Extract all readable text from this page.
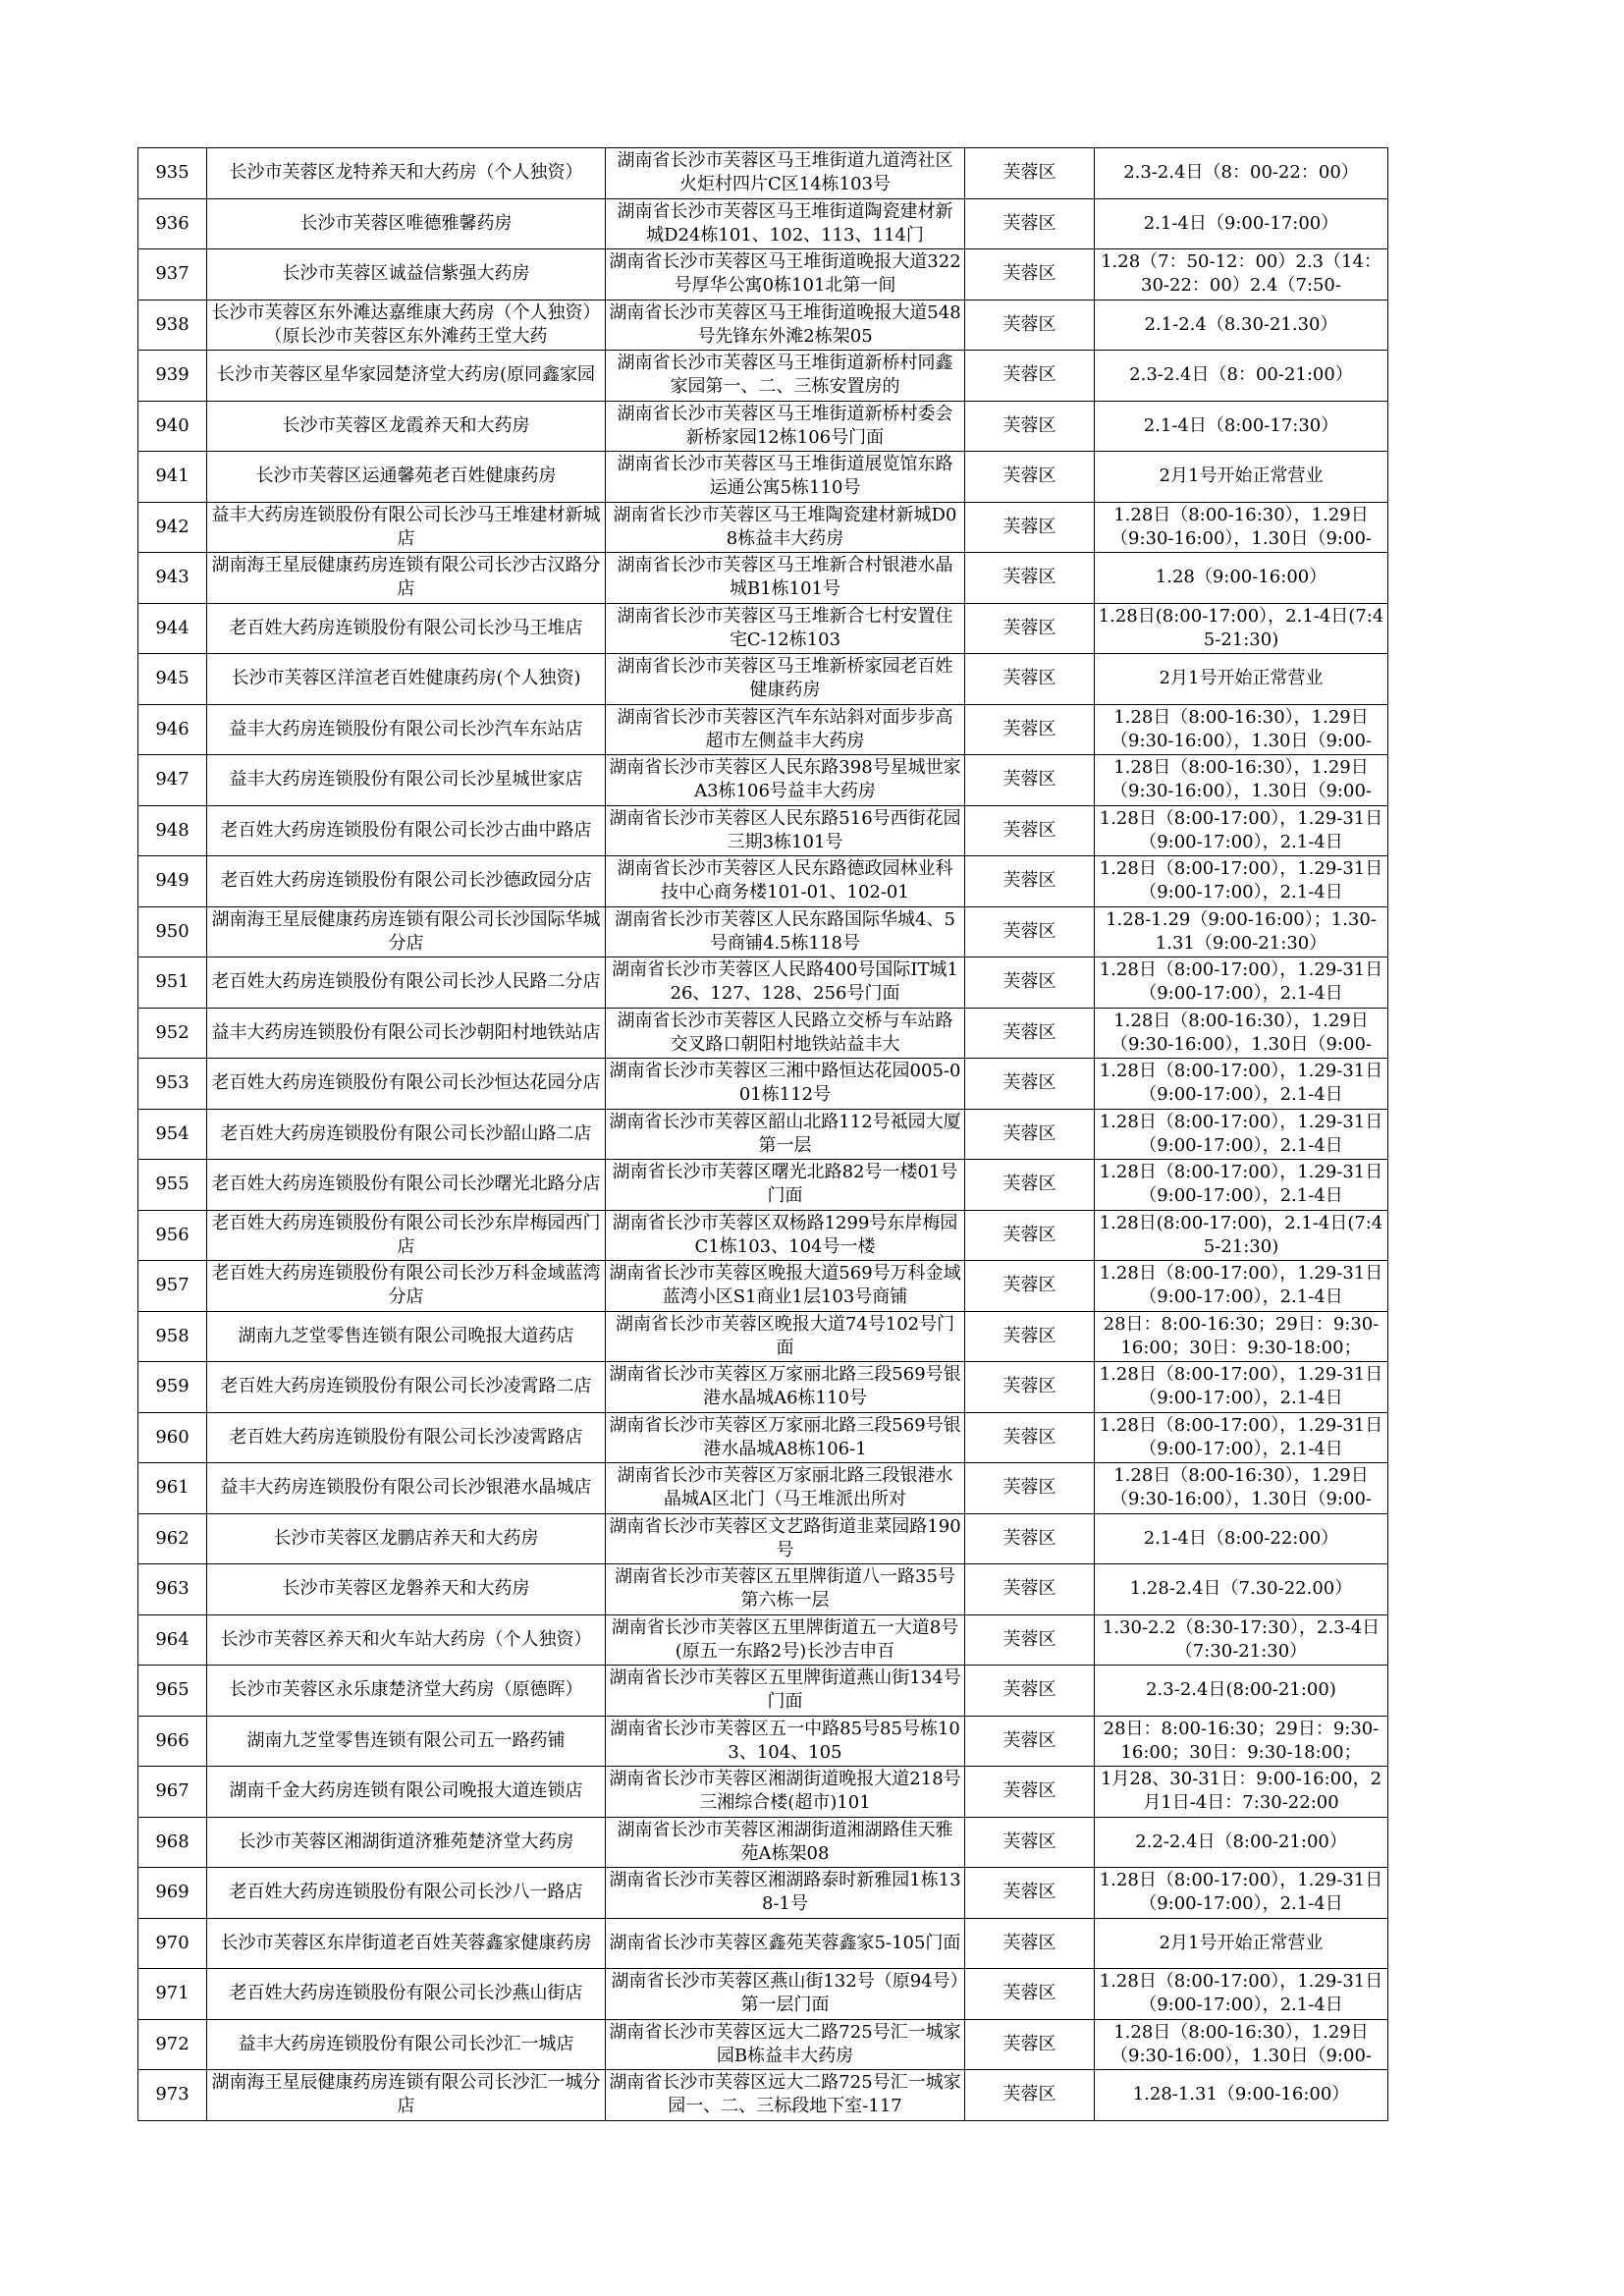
935	长沙市芙蓉区龙特养天和大药房（个人独资）	湖南省长沙市芙蓉区马王堆街道九道湾社区火炬村四片C区14栋103号	芙蓉区	2.3-2.4日（8：00-22：00）

936	长沙市芙蓉区唯德雅馨药房	湖南省长沙市芙蓉区马王堆街道陶瓷建材新城D24栋101、102、113、114门	芙蓉区	2.1-4日（9:00-17:00）

937	长沙市芙蓉区诚益信紫强大药房	湖南省长沙市芙蓉区马王堆街道晚报大道322号厚华公寓0栋101北第一间	芙蓉区	1.28（7：50-12：00）2.3（14：30-22：00）2.4（7:50-

938	长沙市芙蓉区东外滩达嘉维康大药房（个人独资）（原长沙市芙蓉区东外滩药王堂大药	湖南省长沙市芙蓉区马王堆街道晚报大道548号先锋东外滩2栋架05	芙蓉区	2.1-2.4（8.30-21.30）

939	长沙市芙蓉区星华家园楚济堂大药房(原同鑫家园	湖南省长沙市芙蓉区马王堆街道新桥村同鑫家园第一、二、三栋安置房的	芙蓉区	2.3-2.4日（8：00-21:00）

940	长沙市芙蓉区龙霞养天和大药房	湖南省长沙市芙蓉区马王堆街道新桥村委会新桥家园12栋106号门面	芙蓉区	2.1-4日（8:00-17:30）

941	长沙市芙蓉区运通馨苑老百姓健康药房	湖南省长沙市芙蓉区马王堆街道展览馆东路运通公寓5栋110号	芙蓉区	2月1号开始正常营业

942	益丰大药房连锁股份有限公司长沙马王堆建材新城店	湖南省长沙市芙蓉区马王堆陶瓷建材新城D08栋益丰大药房	芙蓉区	1.28日（8:00-16:30），1.29日（9:30-16:00），1.30日（9:00-

943	湖南海王星辰健康药房连锁有限公司长沙古汉路分店	湖南省长沙市芙蓉区马王堆新合村银港水晶城B1栋101号	芙蓉区	1.28（9:00-16:00）

944	老百姓大药房连锁股份有限公司长沙马王堆店	湖南省长沙市芙蓉区马王堆新合七村安置住宅C-12栋103	芙蓉区	1.28日(8:00-17:00），2.1-4日(7:45-21:30)

945	长沙市芙蓉区洋渲老百姓健康药房(个人独资)	湖南省长沙市芙蓉区马王堆新桥家园老百姓健康药房	芙蓉区	2月1号开始正常营业

946	益丰大药房连锁股份有限公司长沙汽车东站店	湖南省长沙市芙蓉区汽车东站斜对面步步高超市左侧益丰大药房	芙蓉区	1.28日（8:00-16:30），1.29日（9:30-16:00），1.30日（9:00-

947	益丰大药房连锁股份有限公司长沙星城世家店	湖南省长沙市芙蓉区人民东路398号星城世家A3栋106号益丰大药房	芙蓉区	1.28日（8:00-16:30），1.29日（9:30-16:00），1.30日（9:00-

948	老百姓大药房连锁股份有限公司长沙古曲中路店	湖南省长沙市芙蓉区人民东路516号西街花园三期3栋101号	芙蓉区	1.28日（8:00-17:00），1.29-31日（9:00-17:00），2.1-4日

949	老百姓大药房连锁股份有限公司长沙德政园分店	湖南省长沙市芙蓉区人民东路德政园林业科技中心商务楼101-01、102-01	芙蓉区	1.28日（8:00-17:00），1.29-31日（9:00-17:00），2.1-4日

950	湖南海王星辰健康药房连锁有限公司长沙国际华城分店	湖南省长沙市芙蓉区人民东路国际华城4、5号商铺4.5栋118号	芙蓉区	1.28-1.29（9:00-16:00）；1.30-1.31（9:00-21:30）

951	老百姓大药房连锁股份有限公司长沙人民路二分店	湖南省长沙市芙蓉区人民路400号国际IT城126、127、128、256号门面	芙蓉区	1.28日（8:00-17:00），1.29-31日（9:00-17:00），2.1-4日

952	益丰大药房连锁股份有限公司长沙朝阳村地铁站店	湖南省长沙市芙蓉区人民路立交桥与车站路交叉路口朝阳村地铁站益丰大	芙蓉区	1.28日（8:00-16:30），1.29日（9:30-16:00），1.30日（9:00-

953	老百姓大药房连锁股份有限公司长沙恒达花园分店	湖南省长沙市芙蓉区三湘中路恒达花园005-001栋112号	芙蓉区	1.28日（8:00-17:00），1.29-31日（9:00-17:00），2.1-4日

954	老百姓大药房连锁股份有限公司长沙韶山路二店	湖南省长沙市芙蓉区韶山北路112号祗园大厦第一层	芙蓉区	1.28日（8:00-17:00），1.29-31日（9:00-17:00），2.1-4日

955	老百姓大药房连锁股份有限公司长沙曙光北路分店	湖南省长沙市芙蓉区曙光北路82号一楼01号门面	芙蓉区	1.28日（8:00-17:00），1.29-31日（9:00-17:00），2.1-4日

956	老百姓大药房连锁股份有限公司长沙东岸梅园西门店	湖南省长沙市芙蓉区双杨路1299号东岸梅园C1栋103、104号一楼	芙蓉区	1.28日(8:00-17:00)，2.1-4日(7:45-21:30)

957	老百姓大药房连锁股份有限公司长沙万科金域蓝湾分店	湖南省长沙市芙蓉区晚报大道569号万科金域蓝湾小区S1商业1层103号商铺	芙蓉区	1.28日（8:00-17:00），1.29-31日（9:00-17:00），2.1-4日

958	湖南九芝堂零售连锁有限公司晚报大道药店	湖南省长沙市芙蓉区晚报大道74号102号门面	芙蓉区	28日：8:00-16:30；29日：9:30-16:00；30日：9:30-18:00；

959	老百姓大药房连锁股份有限公司长沙凌霄路二店	湖南省长沙市芙蓉区万家丽北路三段569号银港水晶城A6栋110号	芙蓉区	1.28日（8:00-17:00），1.29-31日（9:00-17:00），2.1-4日

960	老百姓大药房连锁股份有限公司长沙凌霄路店	湖南省长沙市芙蓉区万家丽北路三段569号银港水晶城A8栋106-1	芙蓉区	1.28日（8:00-17:00），1.29-31日（9:00-17:00），2.1-4日

961	益丰大药房连锁股份有限公司长沙银港水晶城店	湖南省长沙市芙蓉区万家丽北路三段银港水晶城A区北门（马王堆派出所对	芙蓉区	1.28日（8:00-16:30），1.29日（9:30-16:00），1.30日（9:00-

962	长沙市芙蓉区龙鹏店养天和大药房	湖南省长沙市芙蓉区文艺路街道韭菜园路190号	芙蓉区	2.1-4日（8:00-22:00）

963	长沙市芙蓉区龙磐养天和大药房	湖南省长沙市芙蓉区五里牌街道八一路35号第六栋一层	芙蓉区	1.28-2.4日（7.30-22.00）

964	长沙市芙蓉区养天和火车站大药房（个人独资）	湖南省长沙市芙蓉区五里牌街道五一大道8号(原五一东路2号)长沙吉申百	芙蓉区	1.30-2.2（8:30-17:30），2.3-4日（7:30-21:30）

965	长沙市芙蓉区永乐康楚济堂大药房（原德晖）	湖南省长沙市芙蓉区五里牌街道燕山街134号门面	芙蓉区	2.3-2.4日(8:00-21:00)

966	湖南九芝堂零售连锁有限公司五一路药铺	湖南省长沙市芙蓉区五一中路85号85号栋103、104、105	芙蓉区	28日：8:00-16:30；29日：9:30-16:00；30日：9:30-18:00；

967	湖南千金大药房连锁有限公司晚报大道连锁店	湖南省长沙市芙蓉区湘湖街道晚报大道218号三湘综合楼(超市)101	芙蓉区	1月28、30-31日：9:00-16:00，2月1日-4日：7:30-22:00

968	长沙市芙蓉区湘湖街道济雅苑楚济堂大药房	湖南省长沙市芙蓉区湘湖街道湘湖路佳天雅苑A栋架08	芙蓉区	2.2-2.4日（8:00-21:00）

969	老百姓大药房连锁股份有限公司长沙八一路店	湖南省长沙市芙蓉区湘湖路泰时新雅园1栋138-1号	芙蓉区	1.28日（8:00-17:00），1.29-31日（9:00-17:00），2.1-4日

970	长沙市芙蓉区东岸街道老百姓芙蓉鑫家健康药房	湖南省长沙市芙蓉区鑫苑芙蓉鑫家5-105门面	芙蓉区	2月1号开始正常营业

971	老百姓大药房连锁股份有限公司长沙燕山街店	湖南省长沙市芙蓉区燕山街132号（原94号）第一层门面	芙蓉区	1.28日（8:00-17:00），1.29-31日（9:00-17:00），2.1-4日

972	益丰大药房连锁股份有限公司长沙汇一城店	湖南省长沙市芙蓉区远大二路725号汇一城家园B栋益丰大药房	芙蓉区	1.28日（8:00-16:30），1.29日（9:30-16:00），1.30日（9:00-

973	湖南海王星辰健康药房连锁有限公司长沙汇一城分店	湖南省长沙市芙蓉区远大二路725号汇一城家园一、二、三标段地下室-117	芙蓉区	1.28-1.31（9:00-16:00）
